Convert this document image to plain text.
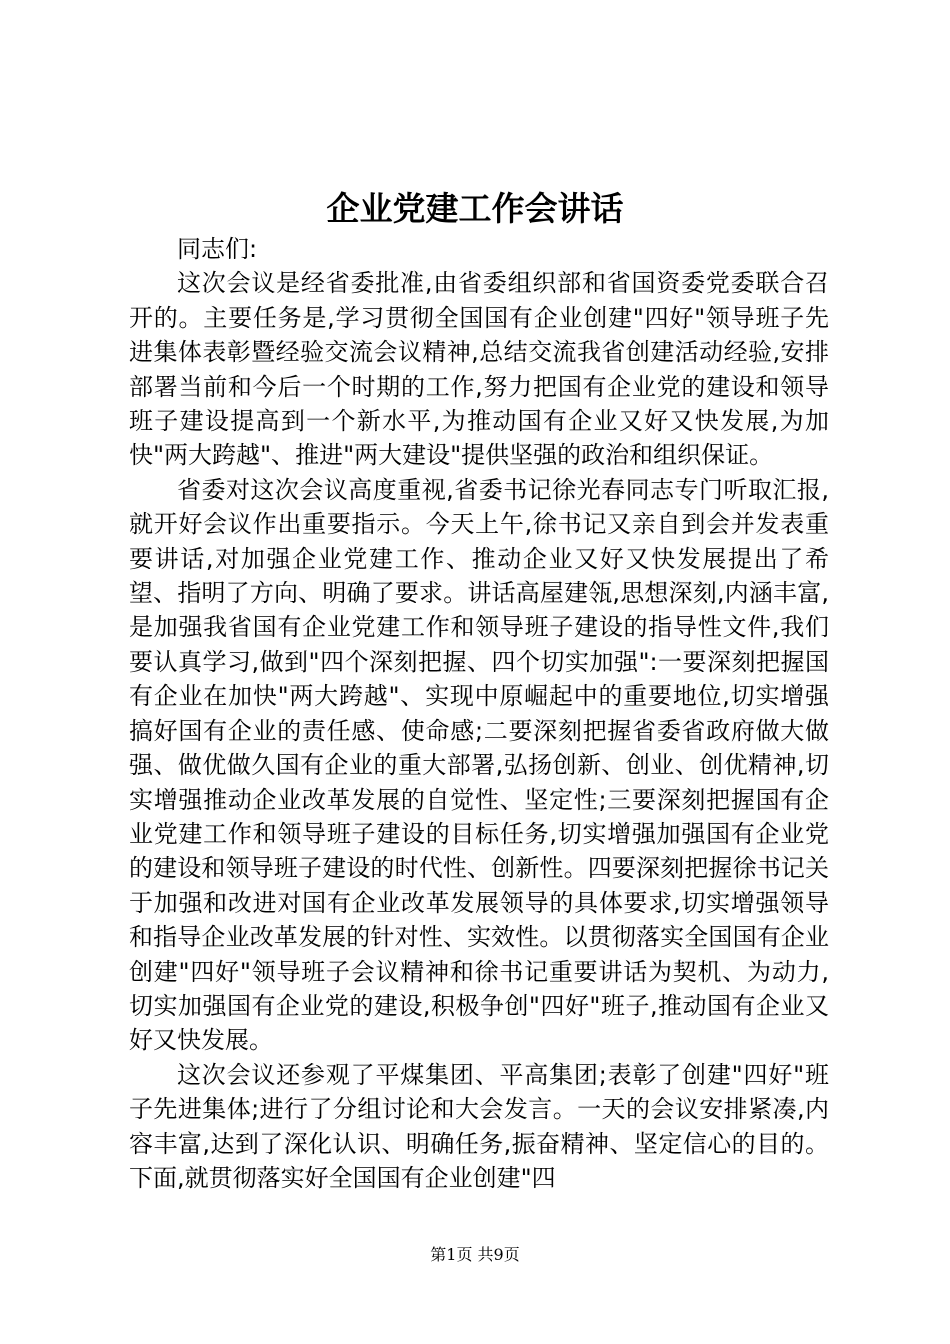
企业党建工作会讲话

同志们:

这次会议是经省委批准,由省委组织部和省国资委党委联合召开的。主要任务是,学习贯彻全国国有企业创建"四好"领导班子先进集体表彰暨经验交流会议精神,总结交流我省创建活动经验,安排部署当前和今后一个时期的工作,努力把国有企业党的建设和领导班子建设提高到一个新水平,为推动国有企业又好又快发展,为加快"两大跨越"、推进"两大建设"提供坚强的政治和组织保证。

省委对这次会议高度重视,省委书记徐光春同志专门听取汇报,就开好会议作出重要指示。今天上午,徐书记又亲自到会并发表重要讲话,对加强企业党建工作、推动企业又好又快发展提出了希望、指明了方向、明确了要求。讲话高屋建瓴,思想深刻,内涵丰富,是加强我省国有企业党建工作和领导班子建设的指导性文件,我们要认真学习,做到"四个深刻把握、四个切实加强":一要深刻把握国有企业在加快"两大跨越"、实现中原崛起中的重要地位,切实增强搞好国有企业的责任感、使命感;二要深刻把握省委省政府做大做强、做优做久国有企业的重大部署,弘扬创新、创业、创优精神,切实增强推动企业改革发展的自觉性、坚定性;三要深刻把握国有企业党建工作和领导班子建设的目标任务,切实增强加强国有企业党的建设和领导班子建设的时代性、创新性。四要深刻把握徐书记关于加强和改进对国有企业改革发展领导的具体要求,切实增强领导和指导企业改革发展的针对性、实效性。以贯彻落实全国国有企业创建"四好"领导班子会议精神和徐书记重要讲话为契机、为动力,切实加强国有企业党的建设,积极争创"四好"班子,推动国有企业又好又快发展。

这次会议还参观了平煤集团、平高集团;表彰了创建"四好"班子先进集体;进行了分组讨论和大会发言。一天的会议安排紧凑,内容丰富,达到了深化认识、明确任务,振奋精神、坚定信心的目的。下面,就贯彻落实好全国国有企业创建"四

第1页 共9页
